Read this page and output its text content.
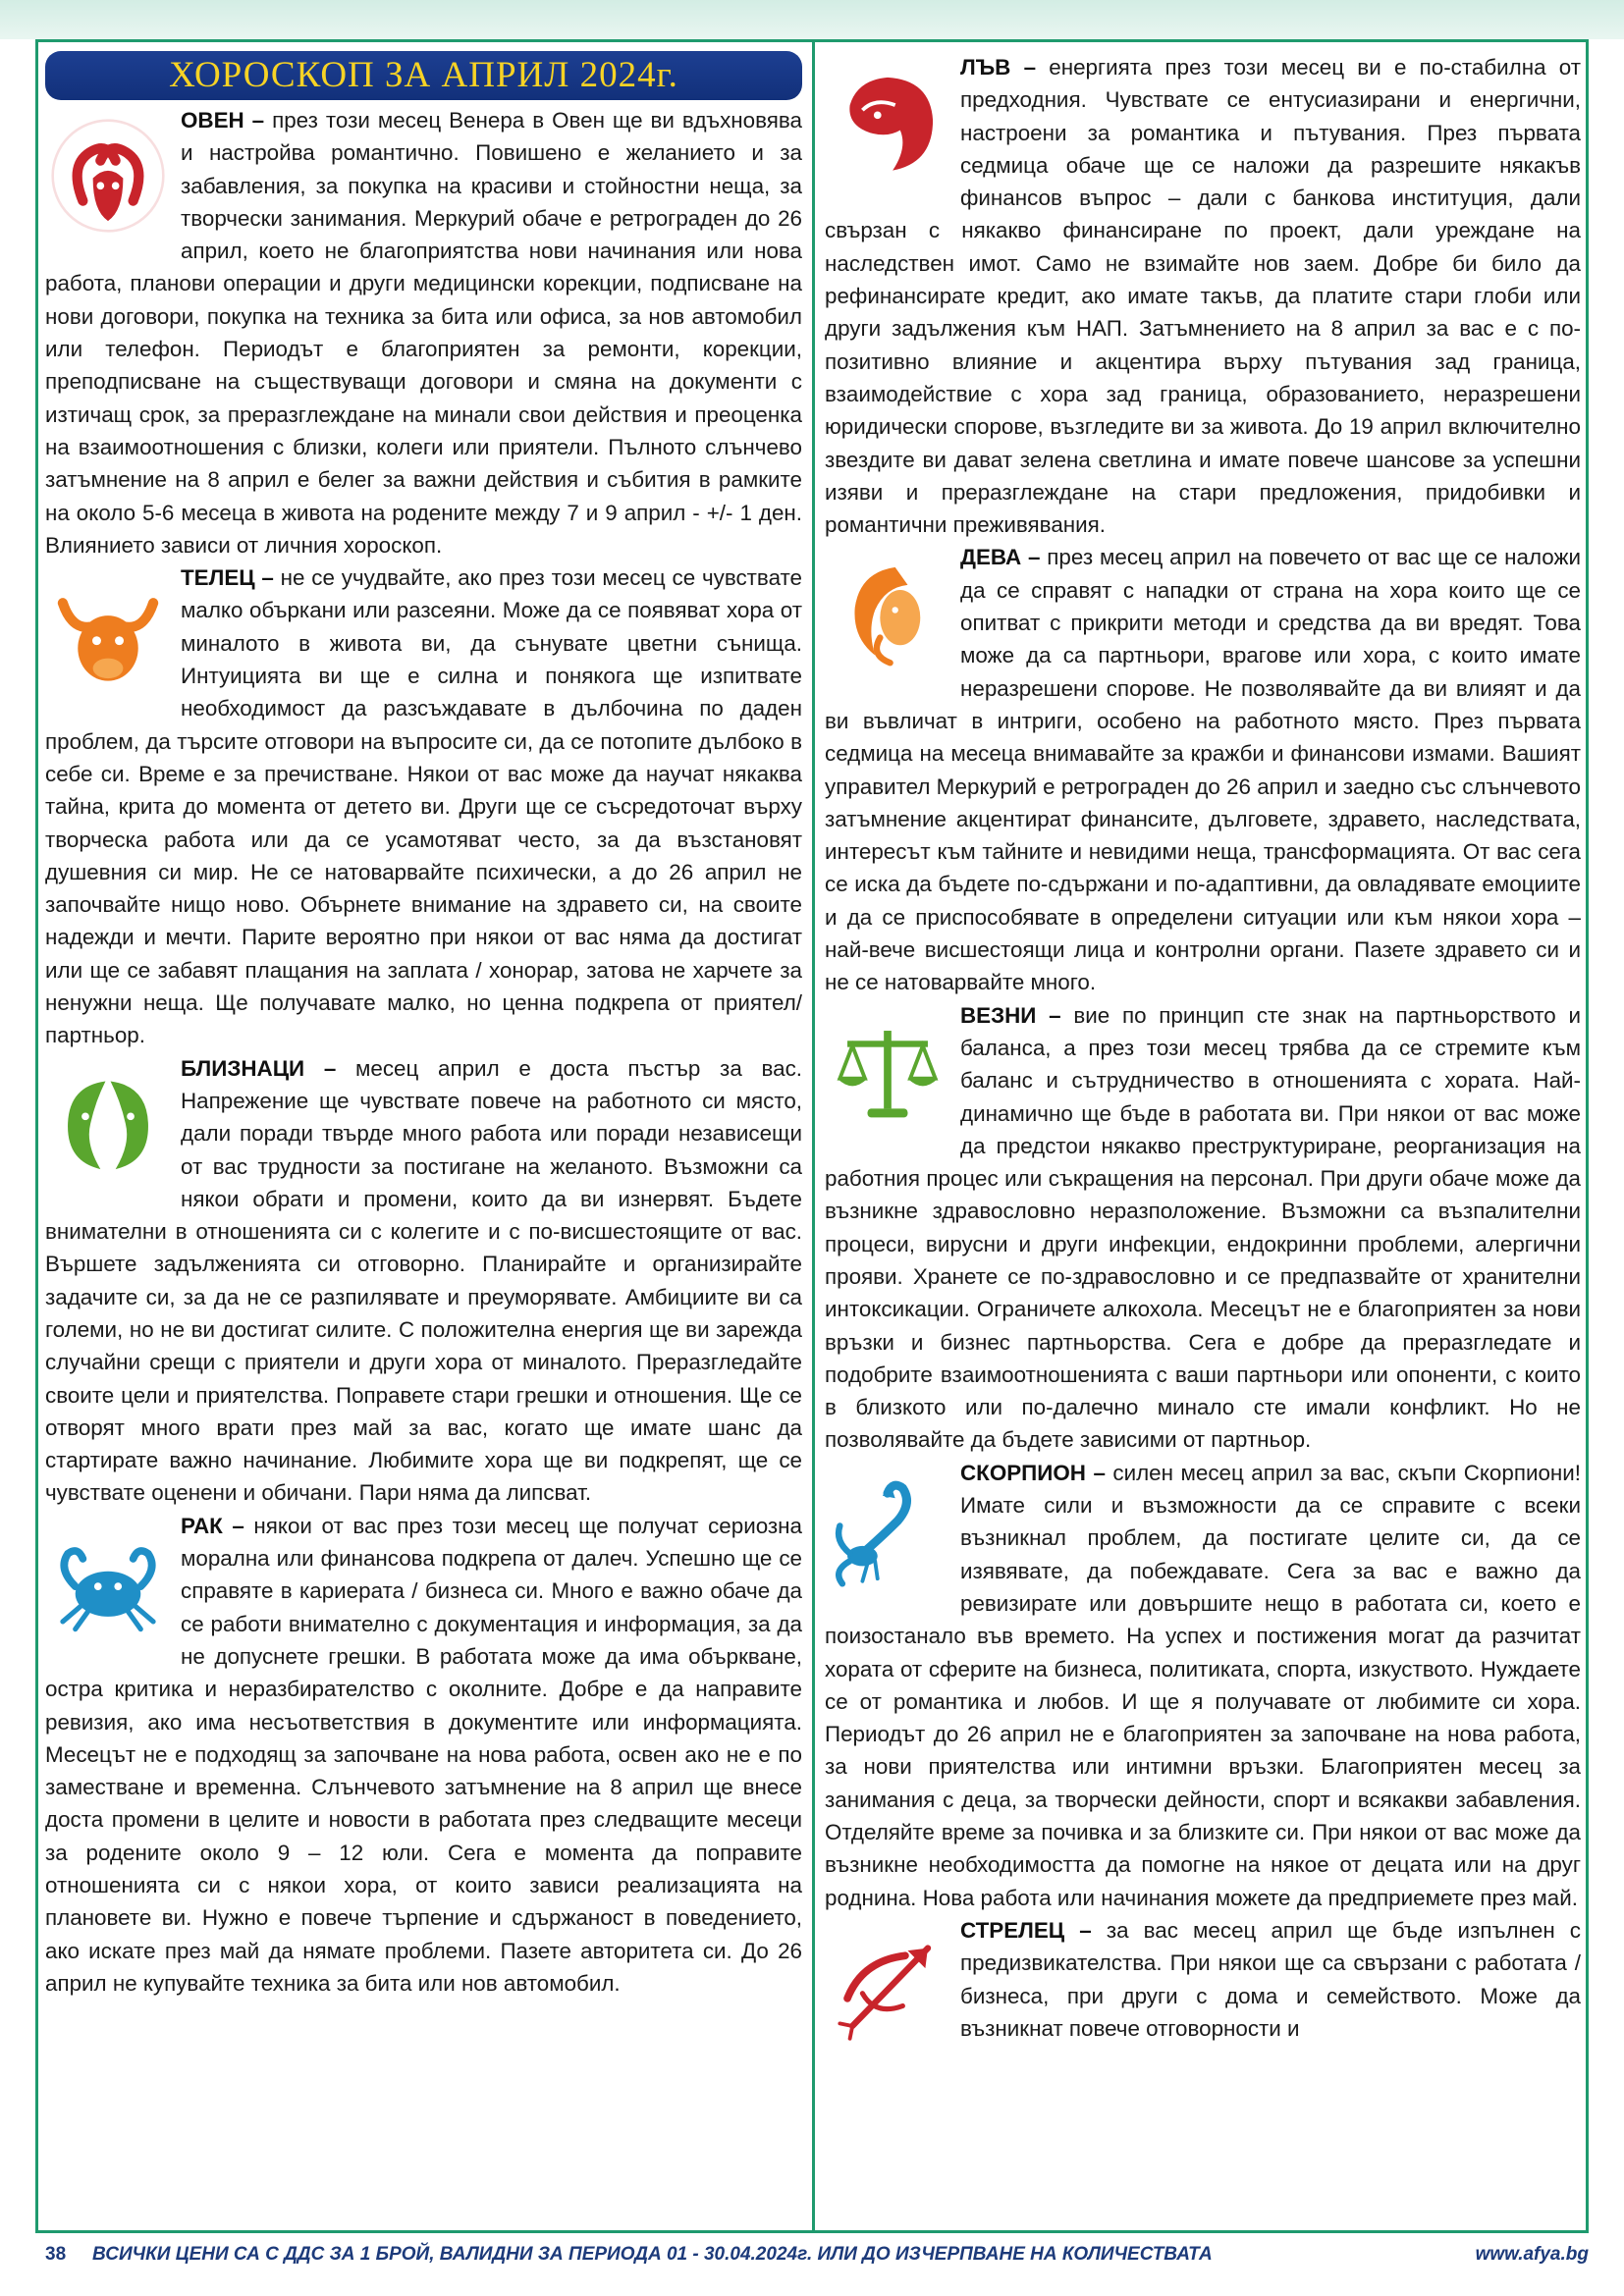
ХОРОСКОП ЗА АПРИЛ 2024г.

ОВЕН – през този месец Венера в Овен ще ви вдъхновява и настройва романтично. Повишено е желанието и за забавления, за покупка на красиви и стойностни неща, за творчески занимания. Меркурий обаче е ретрограден до 26 април, което не благоприятства нови начинания или нова работа, планови операции и други медицински корекции, подписване на нови договори, покупка на техника за бита или офиса, за нов автомобил или телефон. Периодът е благоприятен за ремонти, корекции, преподписване на съществуващи договори и смяна на документи с изтичащ срок, за преразглеждане на минали свои действия и преоценка на взаимоотношения с близки, колеги или приятели. Пълното слънчево затъмнение на 8 април е белег за важни действия и събития в рамките на около 5-6 месеца в живота на родените между 7 и 9 април - +/- 1 ден. Влиянието зависи от личния хороскоп.

ТЕЛЕЦ – не се учудвайте, ако през този месец се чувствате малко объркани или разсеяни. Може да се появяват хора от миналото в живота ви, да сънувате цветни сънища. Интуицията ви ще е силна и понякога ще изпитвате необходимост да разсъждавате в дълбочина по даден проблем, да търсите отговори на въпросите си, да се потопите дълбоко в себе си. Време е за пречистване. Някои от вас може да научат някаква тайна, крита до момента от детето ви. Други ще се съсредоточат върху творческа работа или да се усамотяват често, за да възстановят душевния си мир. Не се натоварвайте психически, а до 26 април не започвайте нищо ново. Обърнете внимание на здравето си, на своите надежди и мечти. Парите вероятно при някои от вас няма да достигат или ще се забавят плащания на заплата / хонорар, затова не харчете за ненужни неща. Ще получавате малко, но ценна подкрепа от приятел/партньор.

БЛИЗНАЦИ – месец април е доста пъстър за вас. Напрежение ще чувствате повече на работното си място, дали поради твърде много работа или поради независещи от вас трудности за постигане на желаното. Възможни са някои обрати и промени, които да ви изнервят. Бъдете внимателни в отношенията си с колегите и с по-висшестоящите от вас. Вършете задълженията си отговорно. Планирайте и организирайте задачите си, за да не се разпилявате и преуморявате. Амбициите ви са големи, но не ви достигат силите. С положителна енергия ще ви зарежда случайни срещи с приятели и други хора от миналото. Преразгледайте своите цели и приятелства. Поправете стари грешки и отношения. Ще се отворят много врати през май за вас, когато ще имате шанс да стартирате важно начинание. Любимите хора ще ви подкрепят, ще се чувствате оценени и обичани. Пари няма да липсват.

РАК – някои от вас през този месец ще получат сериозна морална или финансова подкрепа от далеч. Успешно ще се справяте в кариерата / бизнеса си. Много е важно обаче да се работи внимателно с документация и информация, за да не допуснете грешки. В работата може да има объркване, остра критика и неразбирателство с околните. Добре е да направите ревизия, ако има несъответствия в документите или информацията. Месецът не е подходящ за започване на нова работа, освен ако не е по заместване и временна. Слънчевото затъмнение на 8 април ще внесе доста промени в целите и новости в работата през следващите месеци за родените около 9 – 12 юли. Сега е момента да поправите отношенията си с някои хора, от които зависи реализацията на плановете ви. Нужно е повече търпение и сдържаност в поведението, ако искате през май да нямате проблеми. Пазете авторитета си. До 26 април не купувайте техника за бита или нов автомобил.

ЛЪВ – енергията през този месец ви е по-стабилна от предходния. Чувствате се ентусиазирани и енергични, настроени за романтика и пътувания. През първата седмица обаче ще се наложи да разрешите някакъв финансов въпрос – дали с банкова институция, дали свързан с някакво финансиране по проект, дали уреждане на наследствен имот. Само не взимайте нов заем. Добре би било да рефинансирате кредит, ако имате такъв, да платите стари глоби или други задължения към НАП. Затъмнението на 8 април за вас е с по-позитивно влияние и акцентира върху пътувания зад граница, взаимодействие с хора зад граница, образованието, неразрешени юридически спорове, възгледите ви за живота. До 19 април включително звездите ви дават зелена светлина и имате повече шансове за успешни изяви и преразглеждане на стари предложения, придобивки и романтични преживявания.

ДЕВА – през месец април на повечето от вас ще се наложи да се справят с нападки от страна на хора които ще се опитват с прикрити методи и средства да ви вредят. Това може да са партньори, врагове или хора, с които имате неразрешени спорове. Не позволявайте да ви влияят и да ви въвличат в интриги, особено на работното място. През първата седмица на месеца внимавайте за кражби и финансови измами. Вашият управител Меркурий е ретрограден до 26 април и заедно със слънчевото затъмнение акцентират финансите, дълговете, здравето, наследствата, интересът към тайните и невидими неща, трансформацията. От вас сега се иска да бъдете по-сдържани и по-адаптивни, да овладявате емоциите и да се приспособявате в определени ситуации или към някои хора – най-вече висшестоящи лица и контролни органи. Пазете здравето си и не се натоварвайте много.

ВЕЗНИ – вие по принцип сте знак на партньорството и баланса, а през този месец трябва да се стремите към баланс и сътрудничество в отношенията с хората. Най-динамично ще бъде в работата ви. При някои от вас може да предстои някакво преструктуриране, реорганизация на работния процес или съкращения на персонал. При други обаче може да възникне здравословно неразположение. Възможни са възпалителни процеси, вирусни и други инфекции, ендокринни проблеми, алергични прояви. Хранете се по-здравословно и се предпазвайте от хранителни интоксикации. Ограничете алкохола. Месецът не е благоприятен за нови връзки и бизнес партньорства. Сега е добре да преразгледате и подобрите взаимоотношенията с ваши партньори или опоненти, с които в близкото или по-далечно минало сте имали конфликт. Но не позволявайте да бъдете зависими от партньор.

СКОРПИОН – силен месец април за вас, скъпи Скорпиони! Имате сили и възможности да се справите с всеки възникнал проблем, да постигате целите си, да се изявявате, да побеждавате. Сега за вас е важно да ревизирате или довършите нещо в работата си, което е поизостанало във времето. На успех и постижения могат да разчитат хората от сферите на бизнеса, политиката, спорта, изкуството. Нуждаете се от романтика и любов. И ще я получавате от любимите си хора. Периодът до 26 април не е благоприятен за започване на нова работа, за нови приятелства или интимни връзки. Благоприятен месец за занимания с деца, за творчески дейности, спорт и всякакви забавления. Отделяйте време за почивка и за близките си. При някои от вас може да възникне необходимостта да помогне на някое от децата или на друг роднина. Нова работа или начинания можете да предприемете през май.

СТРЕЛЕЦ – за вас месец април ще бъде изпълнен с предизвикателства. При някои ще са свързани с работата / бизнеса, при други с дома и семейството. Може да възникнат повече отговорности и

38 ВСИЧКИ ЦЕНИ СА С ДДС ЗА 1 БРОЙ, ВАЛИДНИ ЗА ПЕРИОДА 01 - 30.04.2024г. ИЛИ ДО ИЗЧЕРПВАНЕ НА КОЛИЧЕСТВАТА	www.afya.bg
